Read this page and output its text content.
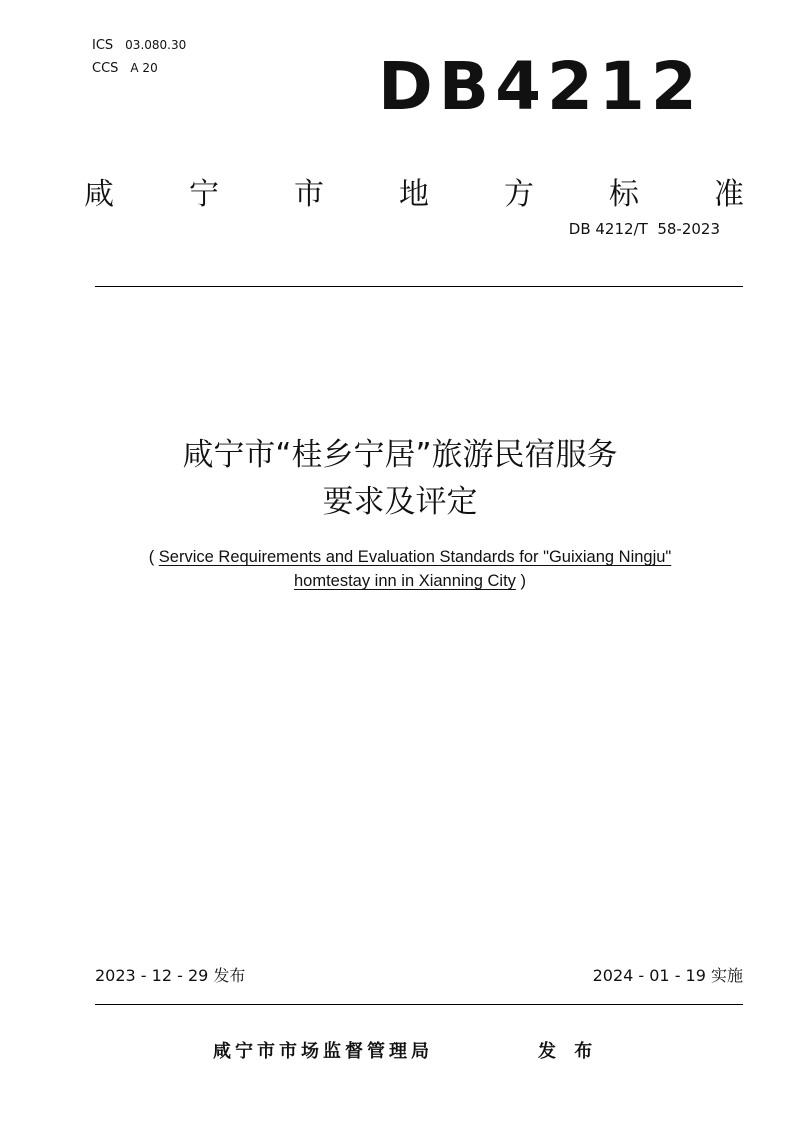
ICS 03.080.30
CCS A 20	DB4212
咸	宁	市	地	方	标	准
DB 4212/T  58-2023
咸宁市“桂乡宁居”旅游民宿服务
要求及评定
( Service Requirements and Evaluation Standards for "Guixiang Ningju"
homtestay inn in Xianning City )
2023 - 12 - 29 发布	2024 - 01 - 19 实施
咸宁市市场监督管理局	发 布
